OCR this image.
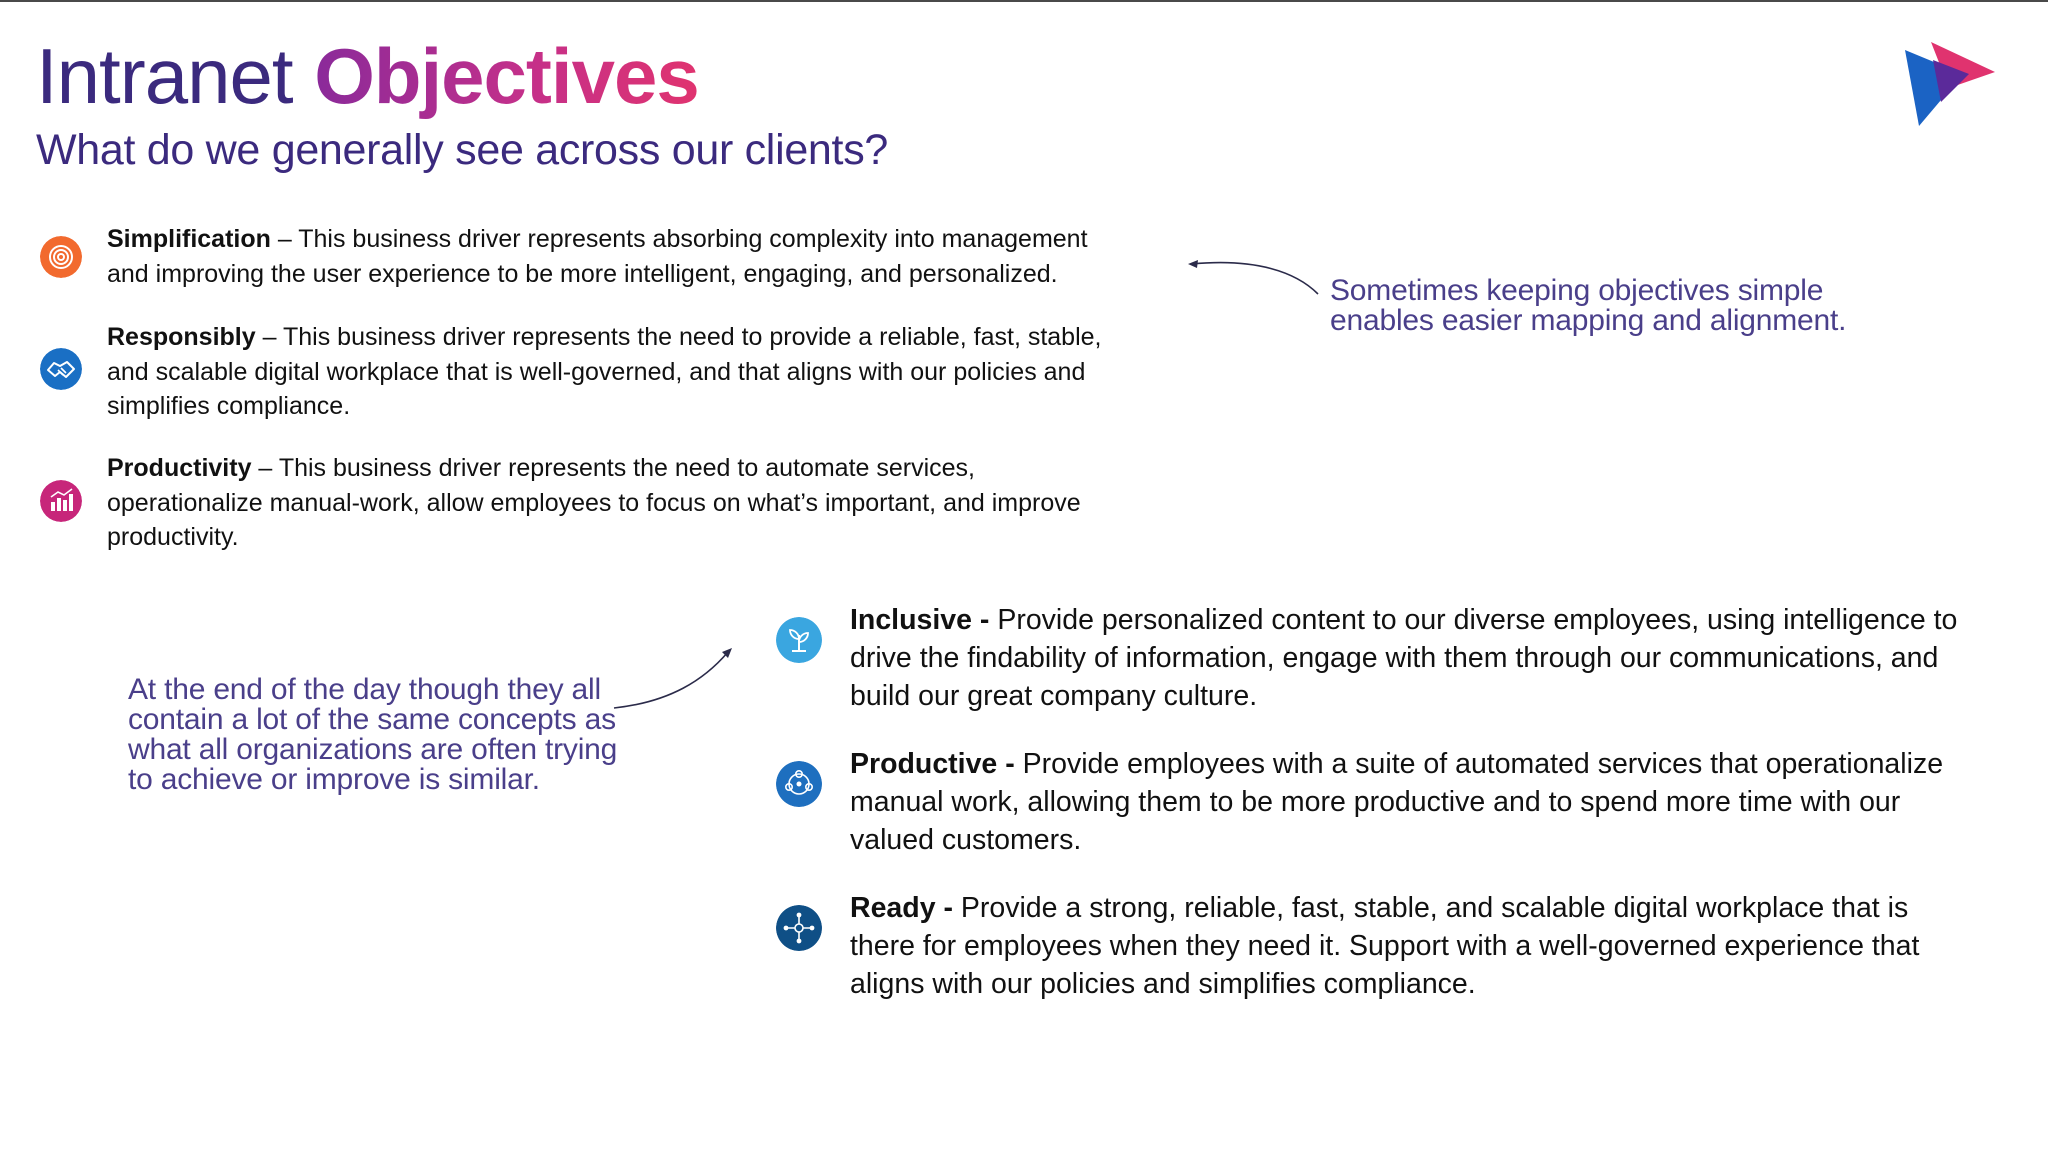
Intranet Objectives
What do we generally see across our clients?
Simplification – This business driver represents absorbing complexity into management and improving the user experience to be more intelligent, engaging, and personalized.
Responsibly – This business driver represents the need to provide a reliable, fast, stable, and scalable digital workplace that is well-governed, and that aligns with our policies and simplifies compliance.
Productivity – This business driver represents the need to automate services, operationalize manual-work, allow employees to focus on what’s important, and improve productivity.
Sometimes keeping objectives simple enables easier mapping and alignment.
At the end of the day though they all contain a lot of the same concepts as what all organizations are often trying to achieve or improve is similar.
Inclusive - Provide personalized content to our diverse employees, using intelligence to drive the findability of information, engage with them through our communications, and build our great company culture.
Productive - Provide employees with a suite of automated services that operationalize manual work, allowing them to be more productive and to spend more time with our valued customers.
Ready - Provide a strong, reliable, fast, stable, and scalable digital workplace that is there for employees when they need it. Support with a well-governed experience that aligns with our policies and simplifies compliance.
